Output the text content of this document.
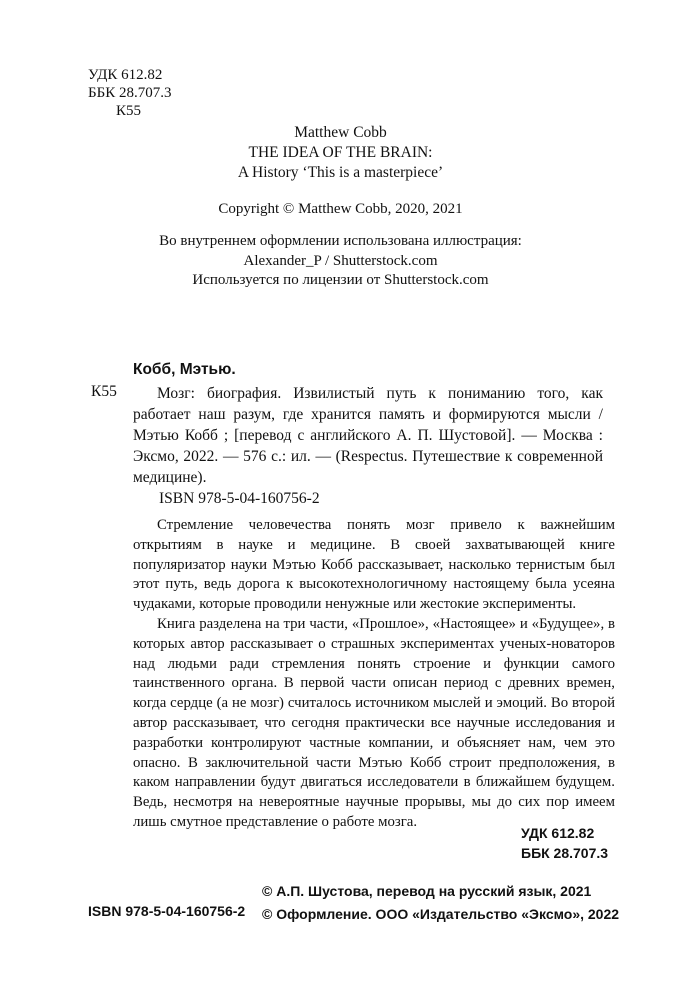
УДК 612.82
ББК 28.707.3
К55
Matthew Cobb
THE IDEA OF THE BRAIN:
A History ‘This is a masterpiece’
Copyright © Matthew Cobb, 2020, 2021
Во внутреннем оформлении использована иллюстрация:
Alexander_P / Shutterstock.com
Используется по лицензии от Shutterstock.com
Кобб, Мэтью.
К55	Мозг: биография. Извилистый путь к пониманию того, как работает наш разум, где хранится память и формируются мысли / Мэтью Кобб ; [перевод с английского А. П. Шустовой]. — Москва : Эксмо, 2022. — 576 с.: ил. — (Respectus. Путешествие к современной медицине).
ISBN 978-5-04-160756-2

Стремление человечества понять мозг привело к важнейшим открытиям в науке и медицине. В своей захватывающей книге популяризатор науки Мэтью Кобб рассказывает, насколько тернистым был этот путь, ведь дорога к высокотехнологичному настоящему была усеяна чудаками, которые проводили ненужные или жестокие эксперименты.

Книга разделена на три части, «Прошлое», «Настоящее» и «Будущее», в которых автор рассказывает о страшных экспериментах ученых-новаторов над людьми ради стремления понять строение и функции самого таинственного органа. В первой части описан период с древних времен, когда сердце (а не мозг) считалось источником мыслей и эмоций. Во второй автор рассказывает, что сегодня практически все научные исследования и разработки контролируют частные компании, и объясняет нам, чем это опасно. В заключительной части Мэтью Кобб строит предположения, в каком направлении будут двигаться исследователи в ближайшем будущем. Ведь, несмотря на невероятные научные прорывы, мы до сих пор имеем лишь смутное представление о работе мозга.

УДК 612.82
ББК 28.707.3
© А.П. Шустова, перевод на русский язык, 2021
© Оформление. ООО «Издательство «Эксмо», 2022
ISBN 978-5-04-160756-2
